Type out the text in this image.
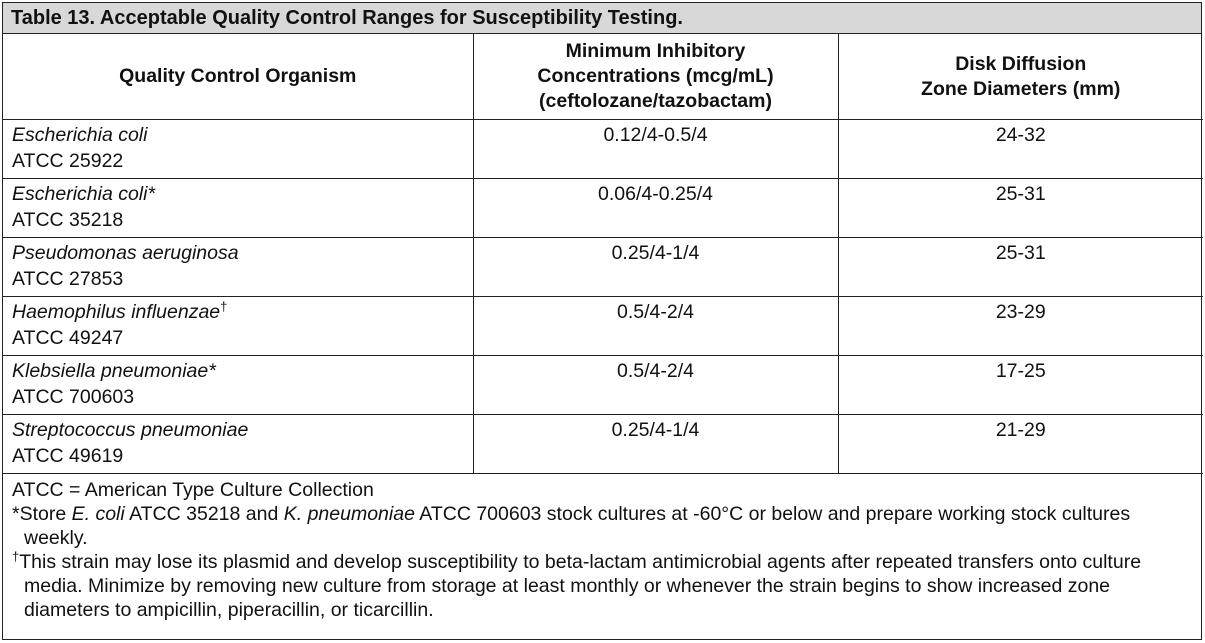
Table 13. Acceptable Quality Control Ranges for Susceptibility Testing.
Quality Control Organism	Minimum Inhibitory
Concentrations (mcg/mL)
(ceftolozane/tazobactam)	Disk Diffusion
Zone Diameters (mm)

Escherichia coli
ATCC 25922	0.12/4-0.5/4	24-32

Escherichia coli*
ATCC 35218	0.06/4-0.25/4	25-31

Pseudomonas aeruginosa
ATCC 27853	0.25/4-1/4	25-31

Haemophilus influenzae†
ATCC 49247	0.5/4-2/4	23-29

Klebsiella pneumoniae*
ATCC 700603	0.5/4-2/4	17-25

Streptococcus pneumoniae
ATCC 49619	0.25/4-1/4	21-29

ATCC = American Type Culture Collection

*Store E. coli ATCC 35218 and K. pneumoniae ATCC 700603 stock cultures at -60°C or below and prepare working stock cultures weekly.

†This strain may lose its plasmid and develop susceptibility to beta-lactam antimicrobial agents after repeated transfers onto culture media. Minimize by removing new culture from storage at least monthly or whenever the strain begins to show increased zone diameters to ampicillin, piperacillin, or ticarcillin.
